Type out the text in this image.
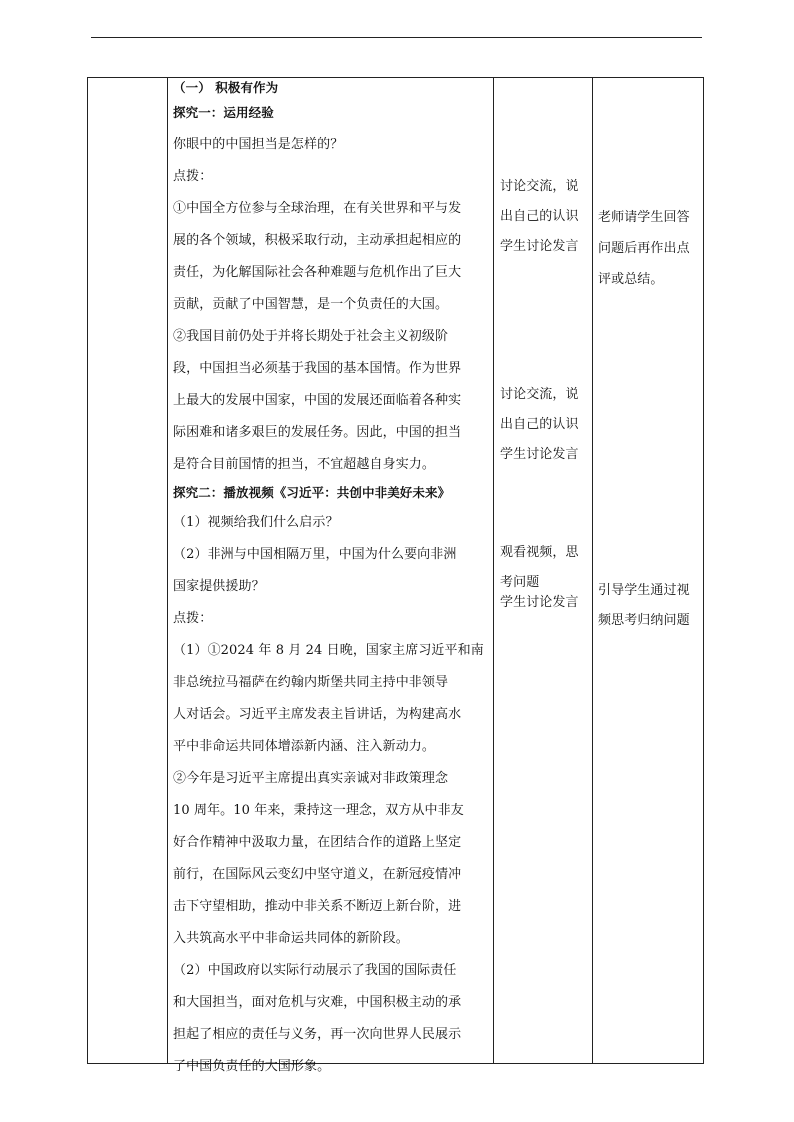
（一） 积极有作为
探究一：运用经验
你眼中的中国担当是怎样的？
点拨：
①中国全方位参与全球治理，在有关世界和平与发
展的各个领域，积极采取行动，主动承担起相应的
责任，为化解国际社会各种难题与危机作出了巨大
贡献，贡献了中国智慧，是一个负责任的大国。
②我国目前仍处于并将长期处于社会主义初级阶
段，中国担当必须基于我国的基本国情。作为世界
上最大的发展中国家，中国的发展还面临着各种实
际困难和诸多艰巨的发展任务。因此，中国的担当
是符合目前国情的担当，不宜超越自身实力。
探究二：播放视频《习近平：共创中非美好未来》
（1）视频给我们什么启示？
（2）非洲与中国相隔万里，中国为什么要向非洲
国家提供援助？
点拨：
（1）①2024 年 8 月 24 日晚，国家主席习近平和南
非总统拉马福萨在约翰内斯堡共同主持中非领导
人对话会。习近平主席发表主旨讲话，为构建高水
平中非命运共同体增添新内涵、注入新动力。
②今年是习近平主席提出真实亲诚对非政策理念
10 周年。10 年来，秉持这一理念，双方从中非友
好合作精神中汲取力量，在团结合作的道路上坚定
前行，在国际风云变幻中坚守道义，在新冠疫情冲
击下守望相助，推动中非关系不断迈上新台阶，进
入共筑高水平中非命运共同体的新阶段。
（2）中国政府以实际行动展示了我国的国际责任
和大国担当，面对危机与灾难，中国积极主动的承
担起了相应的责任与义务，再一次向世界人民展示
了中国负责任的大国形象。
讨论交流，说
出自己的认识
学生讨论发言
讨论交流，说
出自己的认识
学生讨论发言
观看视频，思
考问题
学生讨论发言
老师请学生回答
问题后再作出点
评或总结。
引导学生通过视
频思考归纳问题
